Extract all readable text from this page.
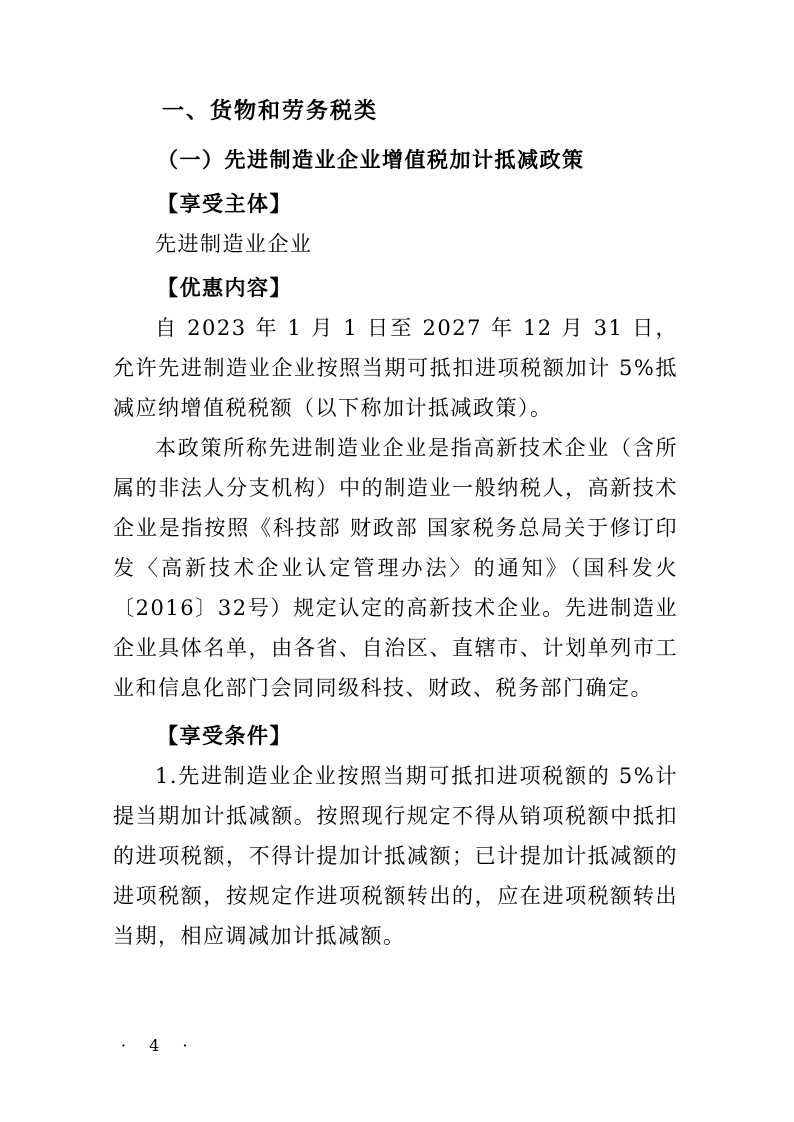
一、货物和劳务税类
（一）先进制造业企业增值税加计抵减政策
【享受主体】

先进制造业企业

【优惠内容】

自 2023 年 1 月 1 日至 2027 年 12 月 31 日，允许先进制造业企业按照当期可抵扣进项税额加计 5%抵减应纳增值税税额（以下称加计抵减政策）。

本政策所称先进制造业企业是指高新技术企业（含所属的非法人分支机构）中的制造业一般纳税人，高新技术企业是指按照《科技部 财政部 国家税务总局关于修订印发〈高新技术企业认定管理办法〉的通知》（国科发火〔2016〕32号）规定认定的高新技术企业。先进制造业企业具体名单，由各省、自治区、直辖市、计划单列市工业和信息化部门会同同级科技、财政、税务部门确定。

【享受条件】

1.先进制造业企业按照当期可抵扣进项税额的 5%计提当期加计抵减额。按照现行规定不得从销项税额中抵扣的进项税额，不得计提加计抵减额；已计提加计抵减额的进项税额，按规定作进项税额转出的，应在进项税额转出当期，相应调减加计抵减额。

· 4 ·
